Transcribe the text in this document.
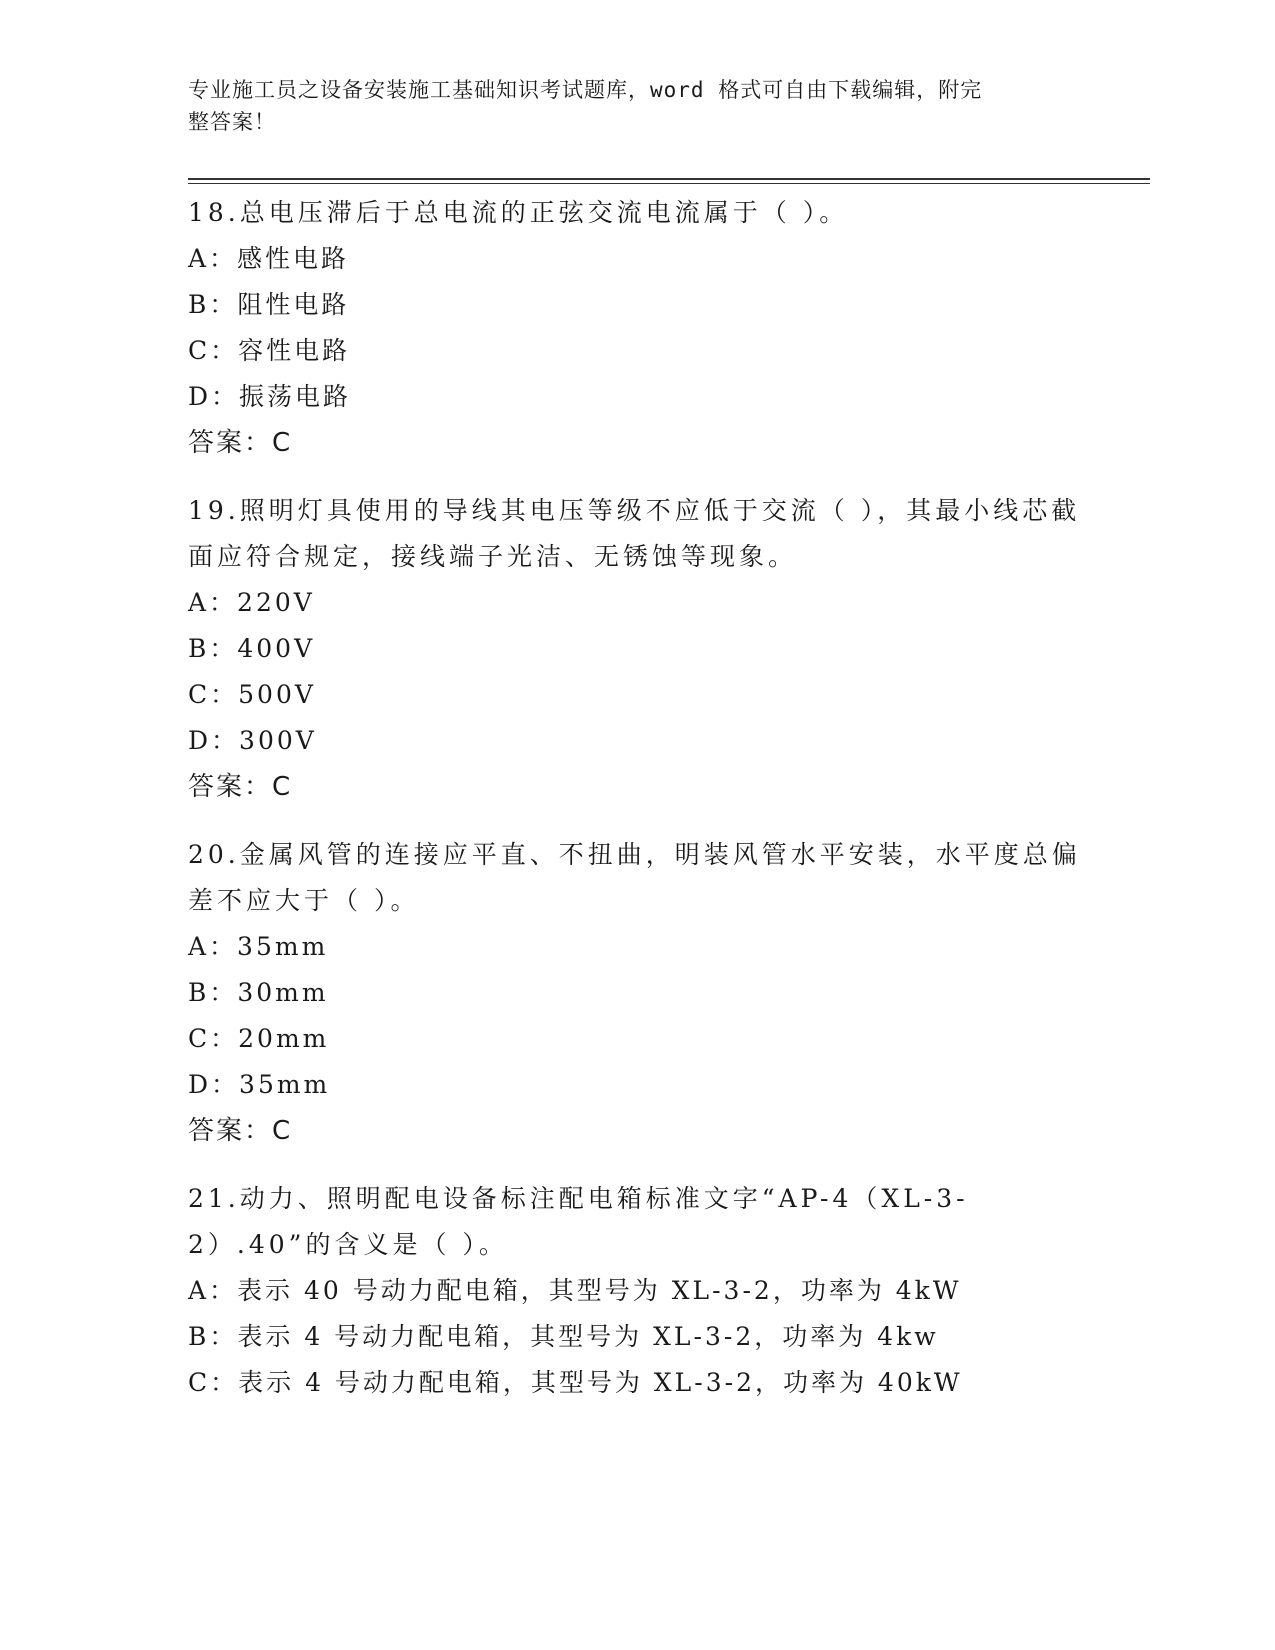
专业施工员之设备安装施工基础知识考试题库，word 格式可自由下载编辑，附完
整答案！
18.总电压滞后于总电流的正弦交流电流属于（ ）。
A：感性电路
B：阻性电路
C：容性电路
D：振荡电路
答案：C
19.照明灯具使用的导线其电压等级不应低于交流（ ），其最小线芯截面应符合规定，接线端子光洁、无锈蚀等现象。
A：220V
B：400V
C：500V
D：300V
答案：C
20.金属风管的连接应平直、不扭曲，明装风管水平安装，水平度总偏差不应大于（ ）。
A：35mm
B：30mm
C：20mm
D：35mm
答案：C
21.动力、照明配电设备标注配电箱标准文字“AP-4（XL-3-2）.40”的含义是（ ）。
A：表示 40 号动力配电箱，其型号为 XL-3-2，功率为 4kW
B：表示 4 号动力配电箱，其型号为 XL-3-2，功率为 4kw
C：表示 4 号动力配电箱，其型号为 XL-3-2，功率为 40kW
